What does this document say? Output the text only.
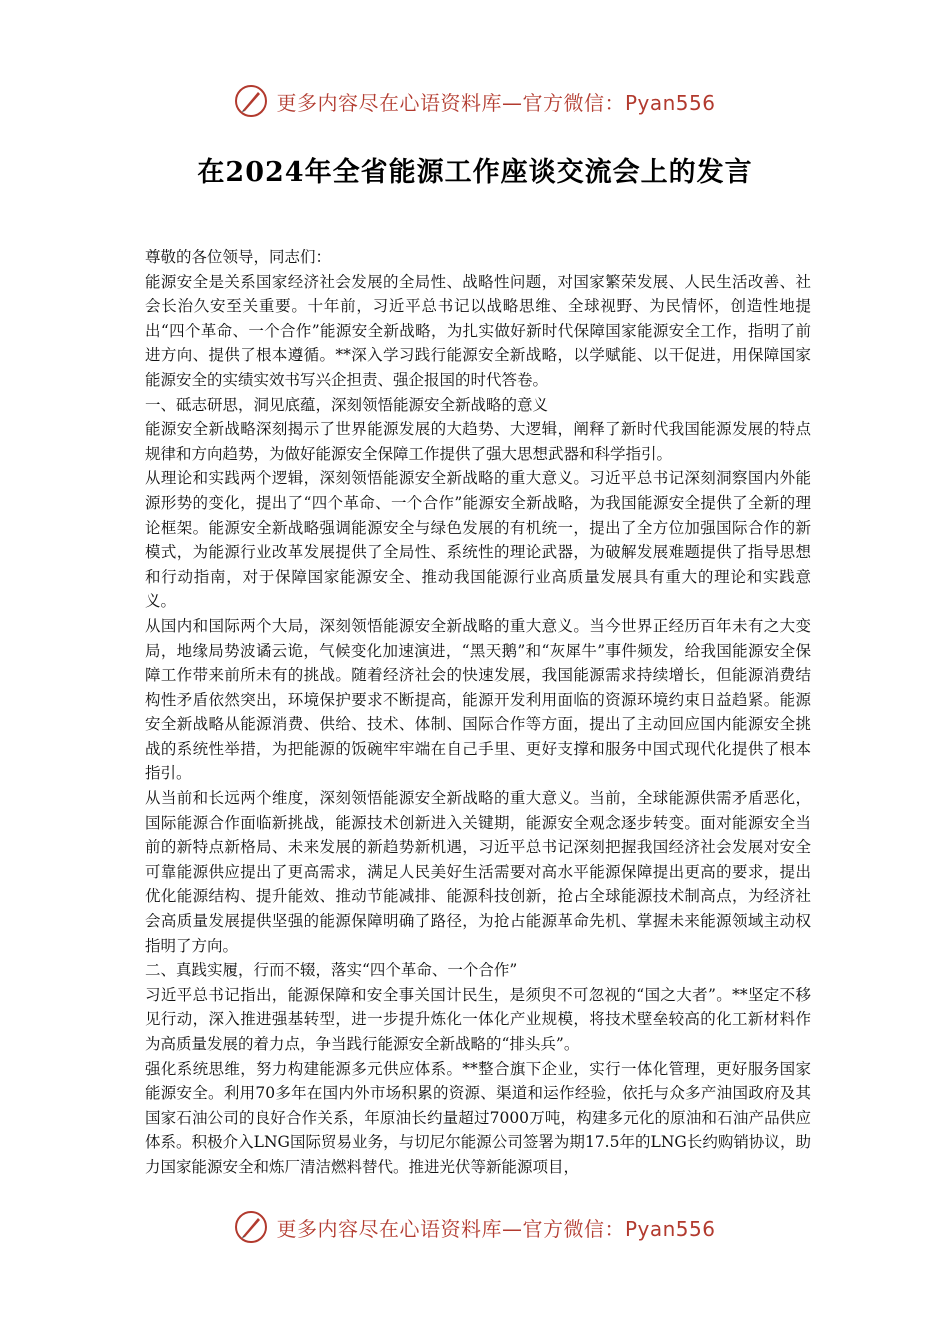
更多内容尽在心语资料库—官方微信：Pyan556
在2024年全省能源工作座谈交流会上的发言

尊敬的各位领导，同志们：

能源安全是关系国家经济社会发展的全局性、战略性问题，对国家繁荣发展、人民生活改善、社会长治久安至关重要。十年前，习近平总书记以战略思维、全球视野、为民情怀，创造性地提出“四个革命、一个合作”能源安全新战略，为扎实做好新时代保障国家能源安全工作，指明了前进方向、提供了根本遵循。**深入学习践行能源安全新战略，以学赋能、以干促进，用保障国家能源安全的实绩实效书写兴企担责、强企报国的时代答卷。

一、砥志研思，洞见底蕴，深刻领悟能源安全新战略的意义

能源安全新战略深刻揭示了世界能源发展的大趋势、大逻辑，阐释了新时代我国能源发展的特点规律和方向趋势，为做好能源安全保障工作提供了强大思想武器和科学指引。

从理论和实践两个逻辑，深刻领悟能源安全新战略的重大意义。习近平总书记深刻洞察国内外能源形势的变化，提出了“四个革命、一个合作”能源安全新战略，为我国能源安全提供了全新的理论框架。能源安全新战略强调能源安全与绿色发展的有机统一，提出了全方位加强国际合作的新模式，为能源行业改革发展提供了全局性、系统性的理论武器，为破解发展难题提供了指导思想和行动指南，对于保障国家能源安全、推动我国能源行业高质量发展具有重大的理论和实践意义。

从国内和国际两个大局，深刻领悟能源安全新战略的重大意义。当今世界正经历百年未有之大变局，地缘局势波谲云诡，气候变化加速演进，“黑天鹅”和“灰犀牛”事件频发，给我国能源安全保障工作带来前所未有的挑战。随着经济社会的快速发展，我国能源需求持续增长，但能源消费结构性矛盾依然突出，环境保护要求不断提高，能源开发利用面临的资源环境约束日益趋紧。能源安全新战略从能源消费、供给、技术、体制、国际合作等方面，提出了主动回应国内能源安全挑战的系统性举措，为把能源的饭碗牢牢端在自己手里、更好支撑和服务中国式现代化提供了根本指引。

从当前和长远两个维度，深刻领悟能源安全新战略的重大意义。当前，全球能源供需矛盾恶化，国际能源合作面临新挑战，能源技术创新进入关键期，能源安全观念逐步转变。面对能源安全当前的新特点新格局、未来发展的新趋势新机遇，习近平总书记深刻把握我国经济社会发展对安全可靠能源供应提出了更高需求，满足人民美好生活需要对高水平能源保障提出更高的要求，提出优化能源结构、提升能效、推动节能减排、能源科技创新，抢占全球能源技术制高点，为经济社会高质量发展提供坚强的能源保障明确了路径，为抢占能源革命先机、掌握未来能源领域主动权指明了方向。

二、真践实履，行而不辍，落实“四个革命、一个合作”

习近平总书记指出，能源保障和安全事关国计民生，是须臾不可忽视的“国之大者”。**坚定不移见行动，深入推进强基转型，进一步提升炼化一体化产业规模，将技术壁垒较高的化工新材料作为高质量发展的着力点，争当践行能源安全新战略的“排头兵”。

强化系统思维，努力构建能源多元供应体系。**整合旗下企业，实行一体化管理，更好服务国家能源安全。利用70多年在国内外市场积累的资源、渠道和运作经验，依托与众多产油国政府及其国家石油公司的良好合作关系，年原油长约量超过7000万吨，构建多元化的原油和石油产品供应体系。积极介入LNG国际贸易业务，与切尼尔能源公司签署为期17.5年的LNG长约购销协议，助力国家能源安全和炼厂清洁燃料替代。推进光伏等新能源项目，

更多内容尽在心语资料库—官方微信：Pyan556
